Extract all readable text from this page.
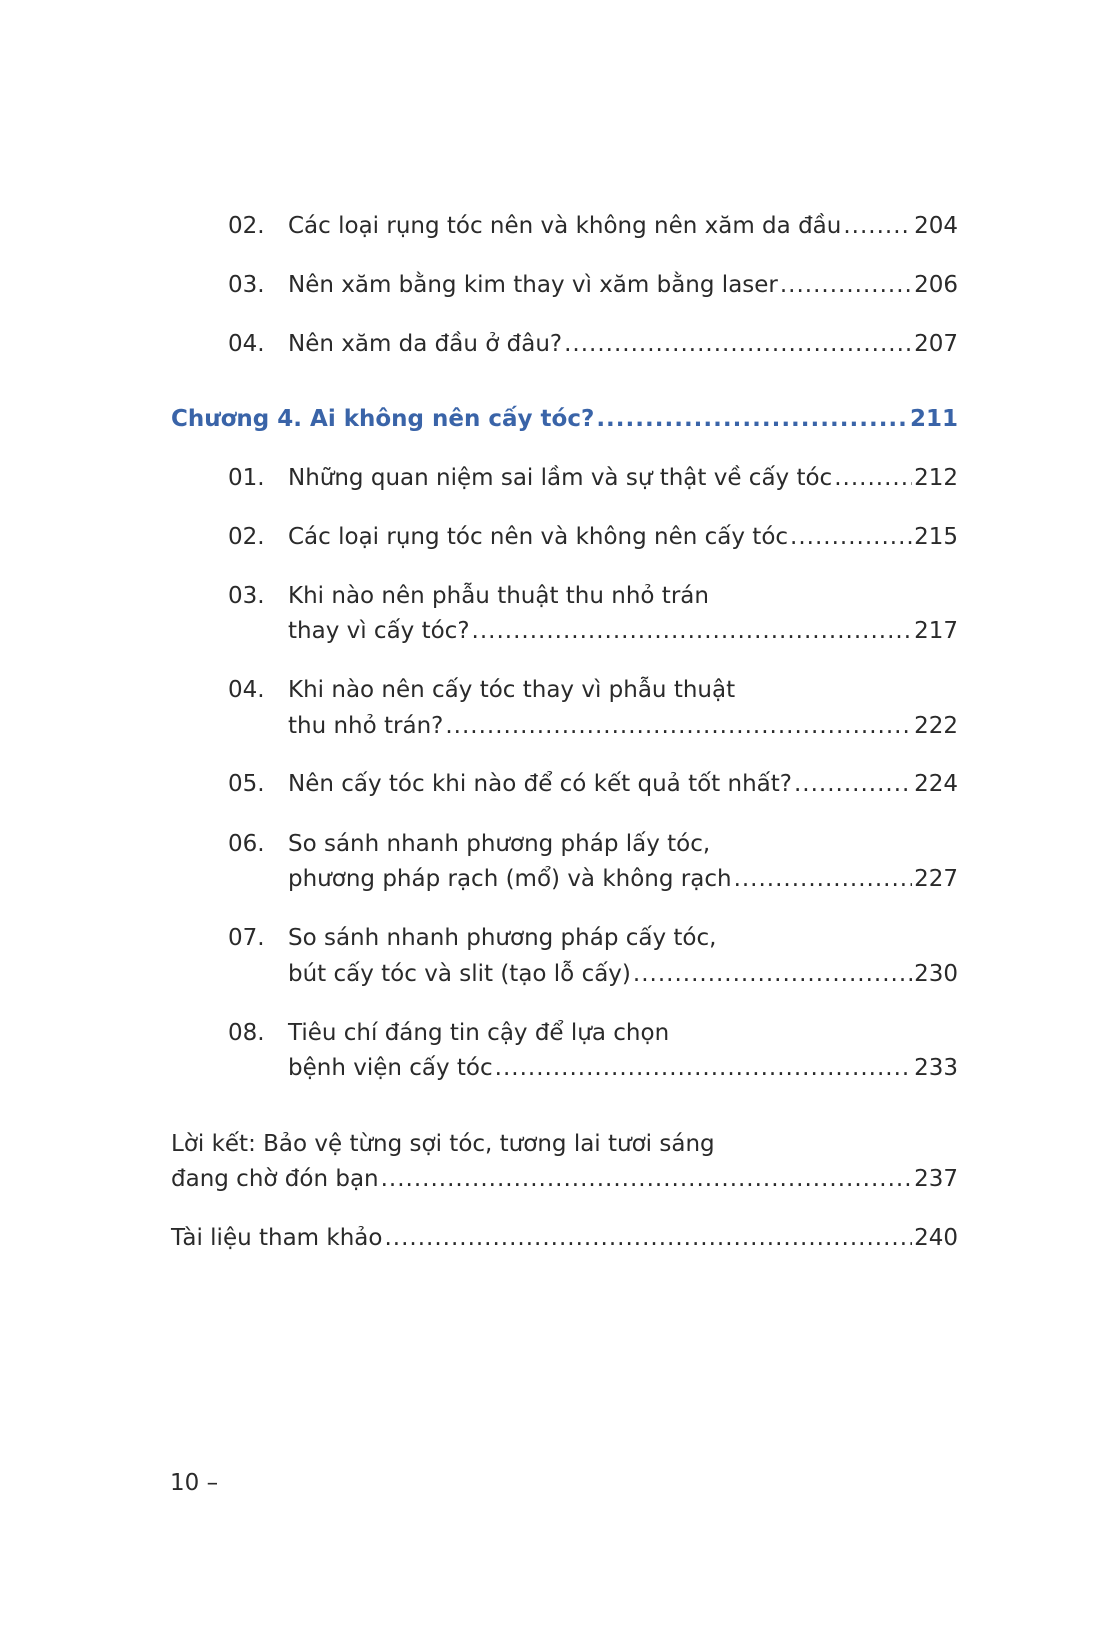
02. Các loại rụng tóc nên và không nên xăm da đầu .....	204
03. Nên xăm bằng kim thay vì xăm bằng laser .....	206
04. Nên xăm da đầu ở đâu? .....	207
Chương 4. Ai không nên cấy tóc? .....	211
01. Những quan niệm sai lầm và sự thật về cấy tóc .....	212
02. Các loại rụng tóc nên và không nên cấy tóc .....	215
03. Khi nào nên phẫu thuật thu nhỏ trán
thay vì cấy tóc? .....	217
04. Khi nào nên cấy tóc thay vì phẫu thuật
thu nhỏ trán? .....	222
05. Nên cấy tóc khi nào để có kết quả tốt nhất? .....	224
06. So sánh nhanh phương pháp lấy tóc,
phương pháp rạch (mổ) và không rạch .....	227
07. So sánh nhanh phương pháp cấy tóc,
bút cấy tóc và slit (tạo lỗ cấy) .....	230
08. Tiêu chí đáng tin cậy để lựa chọn
bệnh viện cấy tóc .....	233
Lời kết: Bảo vệ từng sợi tóc, tương lai tươi sáng
đang chờ đón bạn .....	237
Tài liệu tham khảo .....	240
10 –
